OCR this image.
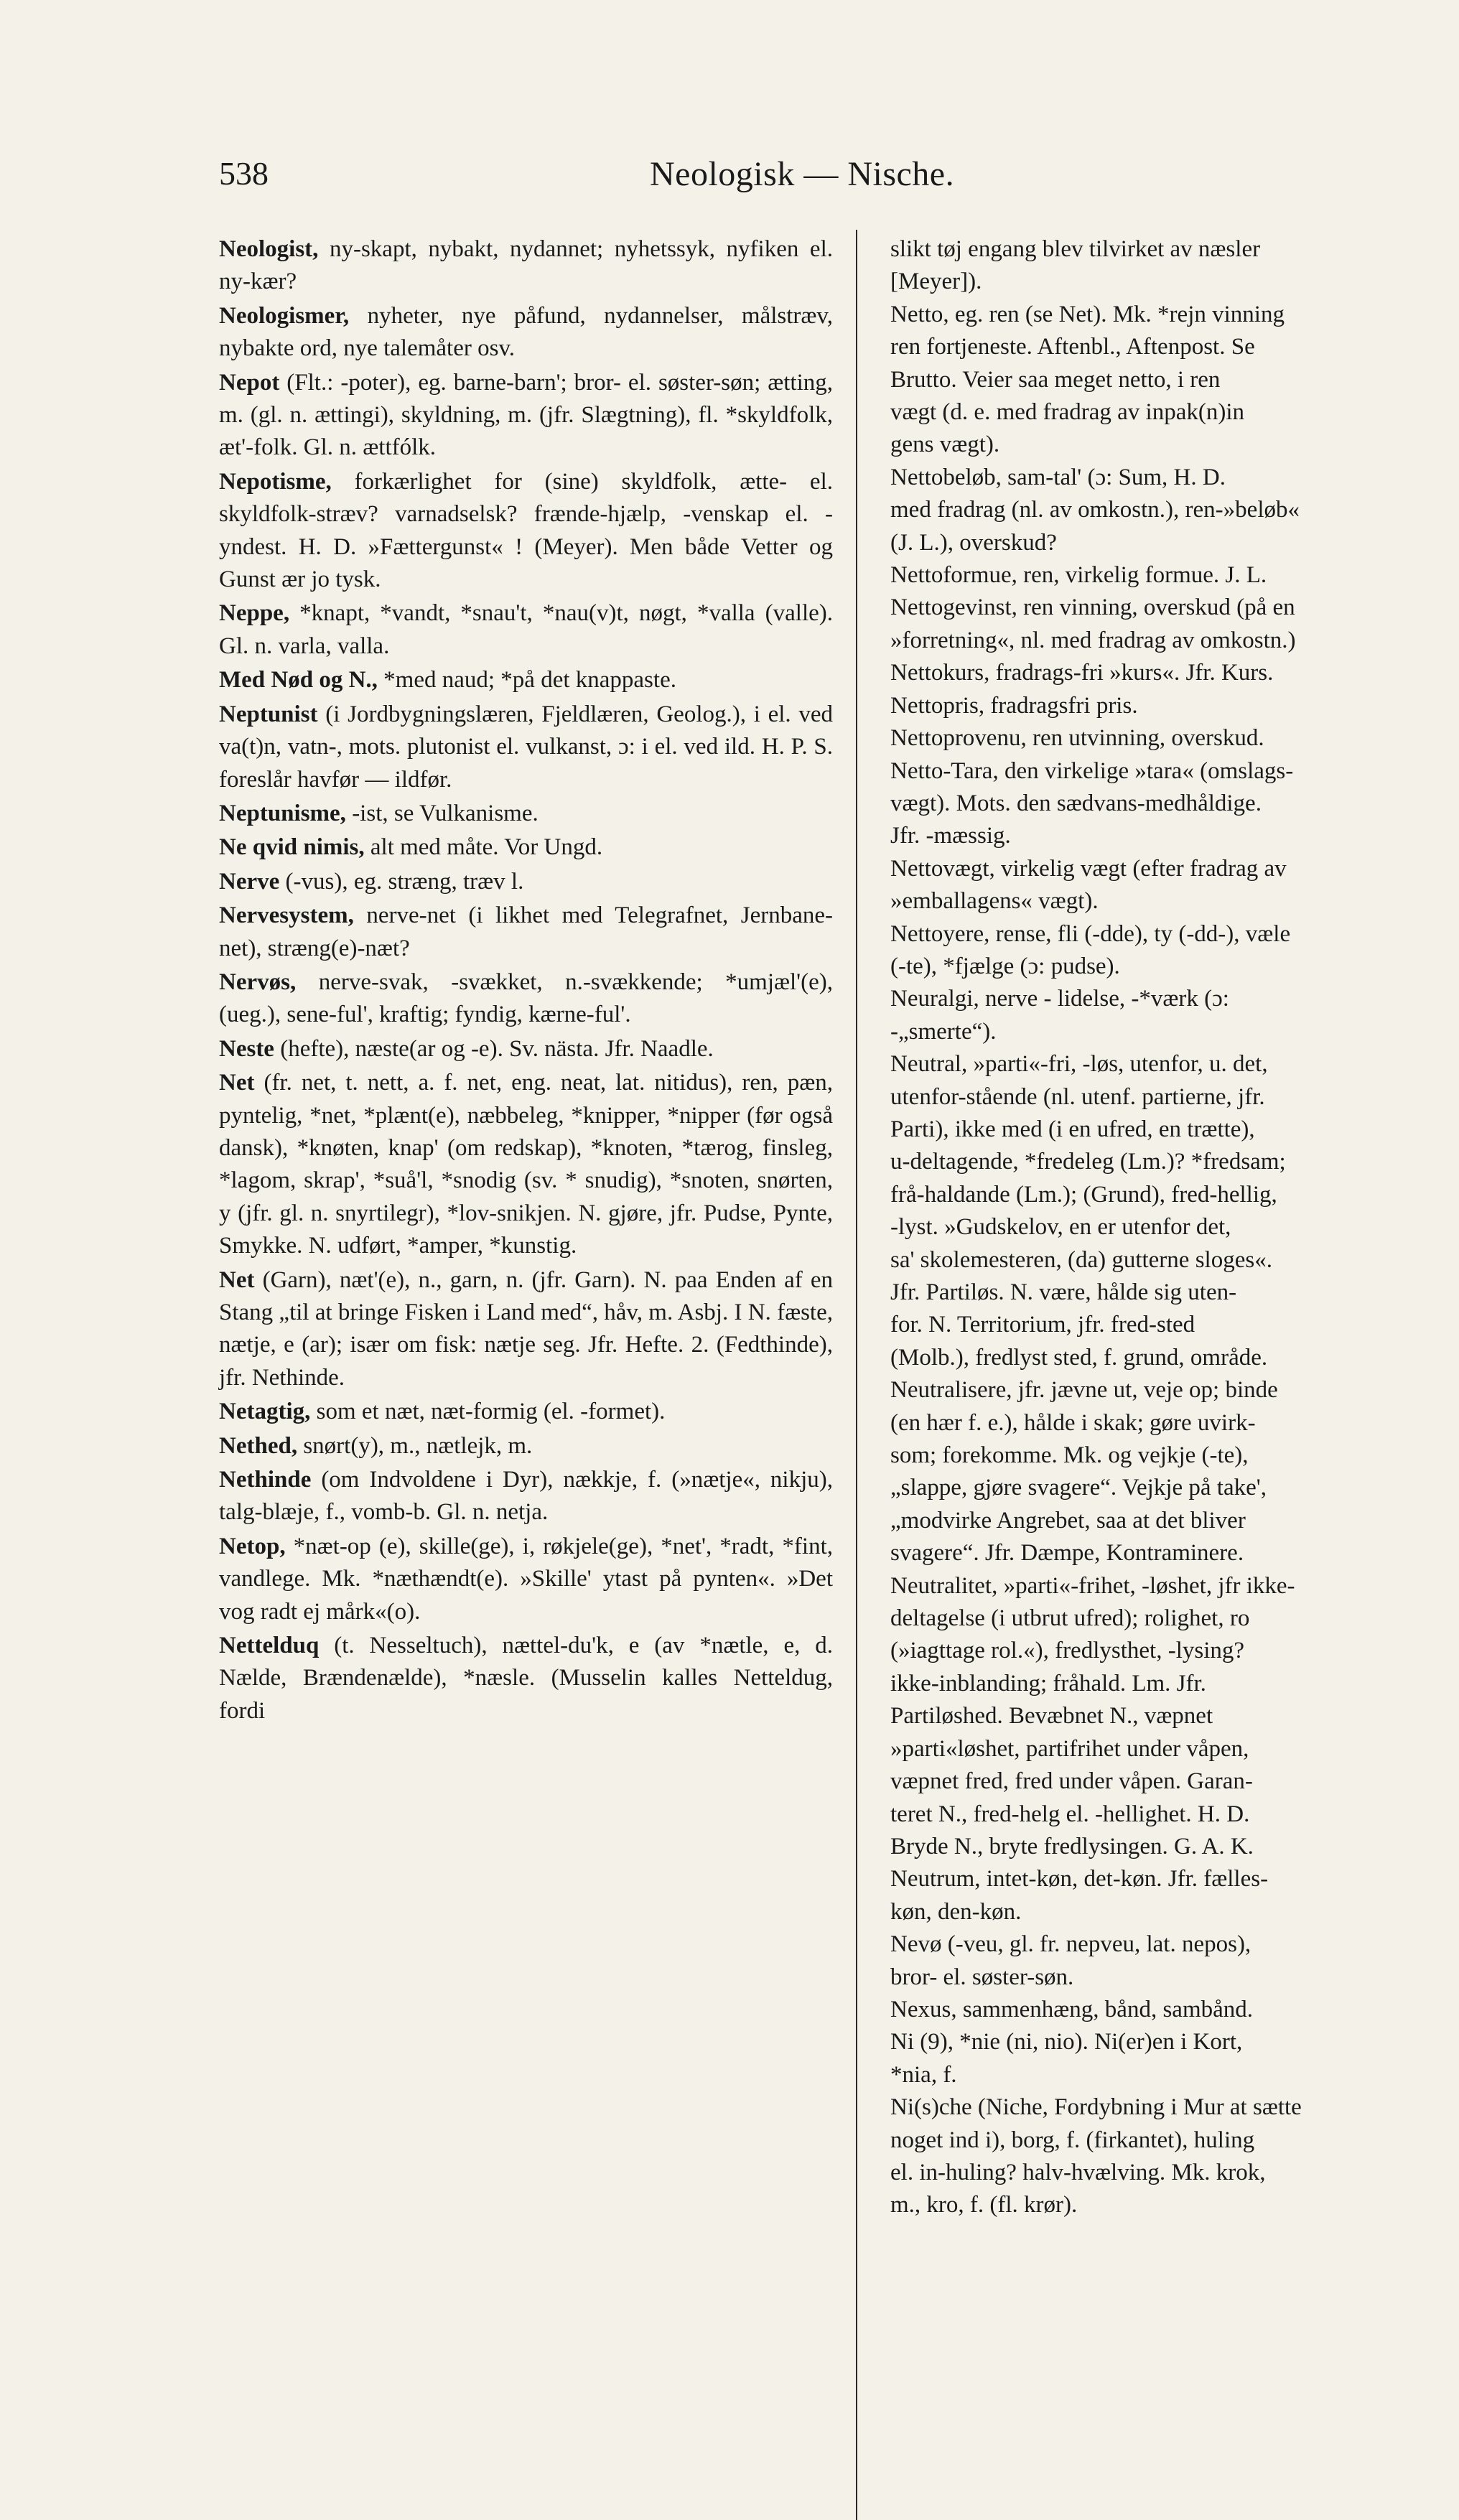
538	Neologisk — Nische.
Neologist, ny-skapt, nybakt, nydannet; nyhetssyk, nyfiken el. ny-kær?
Neologismer, nyheter, nye påfund, nydannelser, målstræv, nybakte ord, nye talemåter osv.
Nepot (Flt.: -poter), eg. barne-barn'; bror- el. søster-søn; ætting, m. (gl. n. ættingi), skyldning, m. (jfr. Slægtning), fl. *skyldfolk, æt'-folk. Gl. n. ættfólk.
Nepotisme, forkærlighet for (sine) skyldfolk, ætte- el. skyldfolk-stræv? varnadselsk? frænde-hjælp, -venskap el. -yndest. H. D. »Fættergunst« ! (Meyer). Men både Vetter og Gunst ær jo tysk.
Neppe, *knapt, *vandt, *snau't, *nau(v)t, nøgt, *valla (valle). Gl. n. varla, valla.
Med Nød og N., *med naud; *på det knappaste.
Neptunist (i Jordbygningslæren, Fjeldlæren, Geolog.), i el. ved va(t)n, vatn-, mots. plutonist el. vulkanst, ɔ: i el. ved ild. H. P. S. foreslår havfør — ildfør.
Neptunisme, -ist, se Vulkanisme.
Ne qvid nimis, alt med måte. Vor Ungd.
Nerve (-vus), eg. stræng, træv l.
Nervesystem, nerve-net (i likhet med Telegrafnet, Jernbane-net), stræng(e)-næt?
Nervøs, nerve-svak, -svækket, n.-svækkende; *umjæl'(e), (ueg.), sene-ful', kraftig; fyndig, kærne-ful'.
Neste (hefte), næste(ar og -e). Sv. nästa. Jfr. Naadle.
Net (fr. net, t. nett, a. f. net, eng. neat, lat. nitidus), ren, pæn, pyntelig, *net, *plænt(e), næbbeleg, *knipper, *nipper (før også dansk), *knøten, knap' (om redskap), *knoten, *tærog, finsleg, *lagom, skrap', *suå'l, *snodig (sv. * snudig), *snoten, snørten, y (jfr. gl. n. snyrtilegr), *lov-snikjen. N. gjøre, jfr. Pudse, Pynte, Smykke. N. udført, *amper, *kunstig.
Net (Garn), næt'(e), n., garn, n. (jfr. Garn). N. paa Enden af en Stang „til at bringe Fisken i Land med“, håv, m. Asbj. I N. fæste, nætje, e (ar); især om fisk: nætje seg. Jfr. Hefte. 2. (Fedthinde), jfr. Nethinde.
Netagtig, som et næt, næt-formig (el. -formet).
Nethed, snørt(y), m., nætlejk, m.
Nethinde (om Indvoldene i Dyr), nækkje, f. (»nætje«, nikju), talg-blæje, f., vomb-b. Gl. n. netja.
Netop, *næt-op (e), skille(ge), i, røkjele(ge), *net', *radt, *fint, vandlege. Mk. *næthændt(e). »Skille' ytast på pynten«. »Det vog radt ej mårk«(o).
Nettelduq (t. Nesseltuch), nættel-du'k, e (av *nætle, e, d. Nælde, Brændenælde), *næsle. (Musselin kalles Netteldug, fordi
slikt tøj engang blev tilvirket av næsler
[Meyer]).
Netto, eg. ren (se Net). Mk. *rejn vinning
ren fortjeneste. Aftenbl., Aftenpost. Se
Brutto. Veier saa meget netto, i ren
vægt (d. e. med fradrag av inpak(n)in
gens vægt).
Nettobeløb, sam-tal' (ɔ: Sum, H. D.
med fradrag (nl. av omkostn.), ren-»beløb«
(J. L.), overskud?
Nettoformue, ren, virkelig formue. J. L.
Nettogevinst, ren vinning, overskud (på en
»forretning«, nl. med fradrag av omkostn.)
Nettokurs, fradrags-fri »kurs«. Jfr. Kurs.
Nettopris, fradragsfri pris.
Nettoprovenu, ren utvinning, overskud.
Netto-Tara, den virkelige »tara« (omslags-
vægt). Mots. den sædvans-medhåldige.
Jfr. -mæssig.
Nettovægt, virkelig vægt (efter fradrag av
»emballagens« vægt).
Nettoyere, rense, fli (-dde), ty (-dd-), væle
(-te), *fjælge (ɔ: pudse).
Neuralgi, nerve - lidelse, -*værk (ɔ:
-„smerte“).
Neutral, »parti«-fri, -løs, utenfor, u. det,
utenfor-stående (nl. utenf. partierne, jfr.
Parti), ikke med (i en ufred, en trætte),
u-deltagende, *fredeleg (Lm.)? *fredsam;
frå-haldande (Lm.); (Grund), fred-hellig,
-lyst. »Gudskelov, en er utenfor det,
sa' skolemesteren, (da) gutterne sloges«.
Jfr. Partiløs. N. være, hålde sig uten-
for. N. Territorium, jfr. fred-sted
(Molb.), fredlyst sted, f. grund, område.
Neutralisere, jfr. jævne ut, veje op; binde
(en hær f. e.), hålde i skak; gøre uvirk-
som; forekomme. Mk. og vejkje (-te),
„slappe, gjøre svagere“. Vejkje på take',
„modvirke Angrebet, saa at det bliver
svagere“. Jfr. Dæmpe, Kontraminere.
Neutralitet, »parti«-frihet, -løshet, jfr ikke-
deltagelse (i utbrut ufred); rolighet, ro
(»iagttage rol.«), fredlysthet, -lysing?
ikke-inblanding; fråhald. Lm. Jfr.
Partiløshed. Bevæbnet N., væpnet
»parti«løshet, partifrihet under våpen,
væpnet fred, fred under våpen. Garan-
teret N., fred-helg el. -hellighet. H. D.
Bryde N., bryte fredlysingen. G. A. K.
Neutrum, intet-køn, det-køn. Jfr. fælles-
køn, den-køn.
Nevø (-veu, gl. fr. nepveu, lat. nepos),
bror- el. søster-søn.
Nexus, sammenhæng, bånd, sambånd.
Ni (9), *nie (ni, nio). Ni(er)en i Kort,
*nia, f.
Ni(s)che (Niche, Fordybning i Mur at sætte
noget ind i), borg, f. (firkantet), huling
el. in-huling? halv-hvælving. Mk. krok,
m., kro, f. (fl. krør).
